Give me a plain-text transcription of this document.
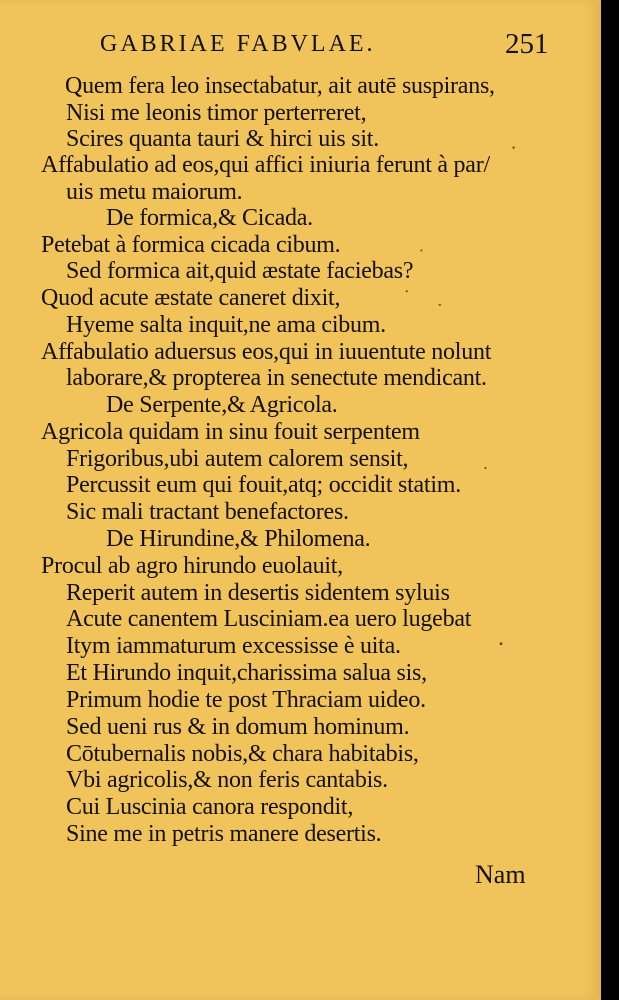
GABRIAE FABVLAE.	251
Quem fera leo insectabatur, ait autē suspirans,
Nisi me leonis timor perterreret,
Scires quanta tauri & hirci uis sit.
Affabulatio ad eos,qui affici iniuria ferunt à par/
uis metu maiorum.
De formica,& Cicada.
Petebat à formica cicada cibum.
Sed formica ait,quid æstate faciebas?
Quod acute æstate caneret dixit,
Hyeme salta inquit,ne ama cibum.
Affabulatio aduersus eos,qui in iuuentute nolunt
laborare,& propterea in senectute mendicant.
De Serpente,& Agricola.
Agricola quidam in sinu fouit serpentem
Frigoribus,ubi autem calorem sensit,
Percussit eum qui fouit,atq; occidit statim.
Sic mali tractant benefactores.
De Hirundine,& Philomena.
Procul ab agro hirundo euolauit,
Reperit autem in desertis sidentem syluis
Acute canentem Lusciniam.ea uero lugebat
Itym iammaturum excessisse è uita.
Et Hirundo inquit,charissima salua sis,
Primum hodie te post Thraciam uideo.
Sed ueni rus & in domum hominum.
Cōtubernalis nobis,& chara habitabis,
Vbi agricolis,& non feris cantabis.
Cui Luscinia canora respondit,
Sine me in petris manere desertis.
Nam
